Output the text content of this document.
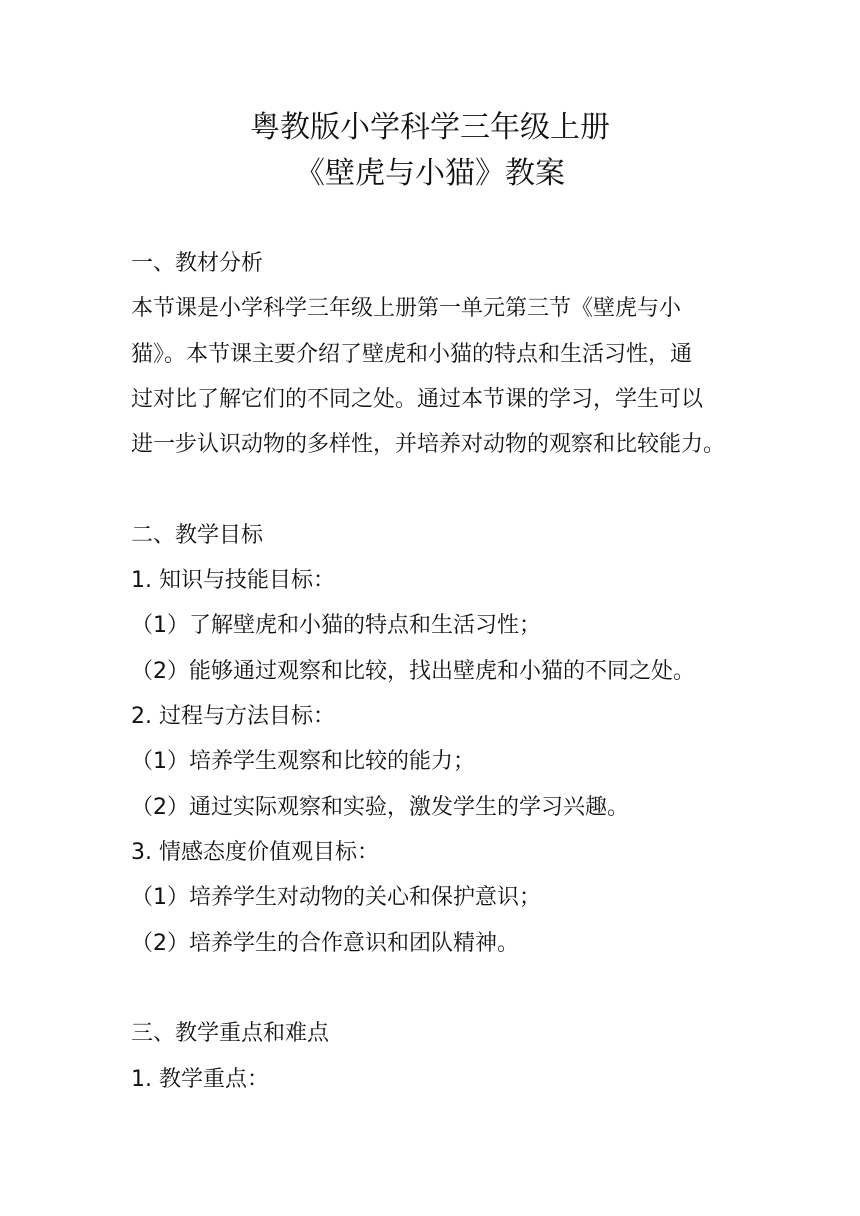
粤教版小学科学三年级上册
《壁虎与小猫》教案
一、教材分析
本节课是小学科学三年级上册第一单元第三节《壁虎与小
猫》。本节课主要介绍了壁虎和小猫的特点和生活习性，通
过对比了解它们的不同之处。通过本节课的学习，学生可以
进一步认识动物的多样性，并培养对动物的观察和比较能力。
二、教学目标
1. 知识与技能目标：
（1）了解壁虎和小猫的特点和生活习性；
（2）能够通过观察和比较，找出壁虎和小猫的不同之处。
2. 过程与方法目标：
（1）培养学生观察和比较的能力；
（2）通过实际观察和实验，激发学生的学习兴趣。
3. 情感态度价值观目标：
（1）培养学生对动物的关心和保护意识；
（2）培养学生的合作意识和团队精神。
三、教学重点和难点
1. 教学重点：
